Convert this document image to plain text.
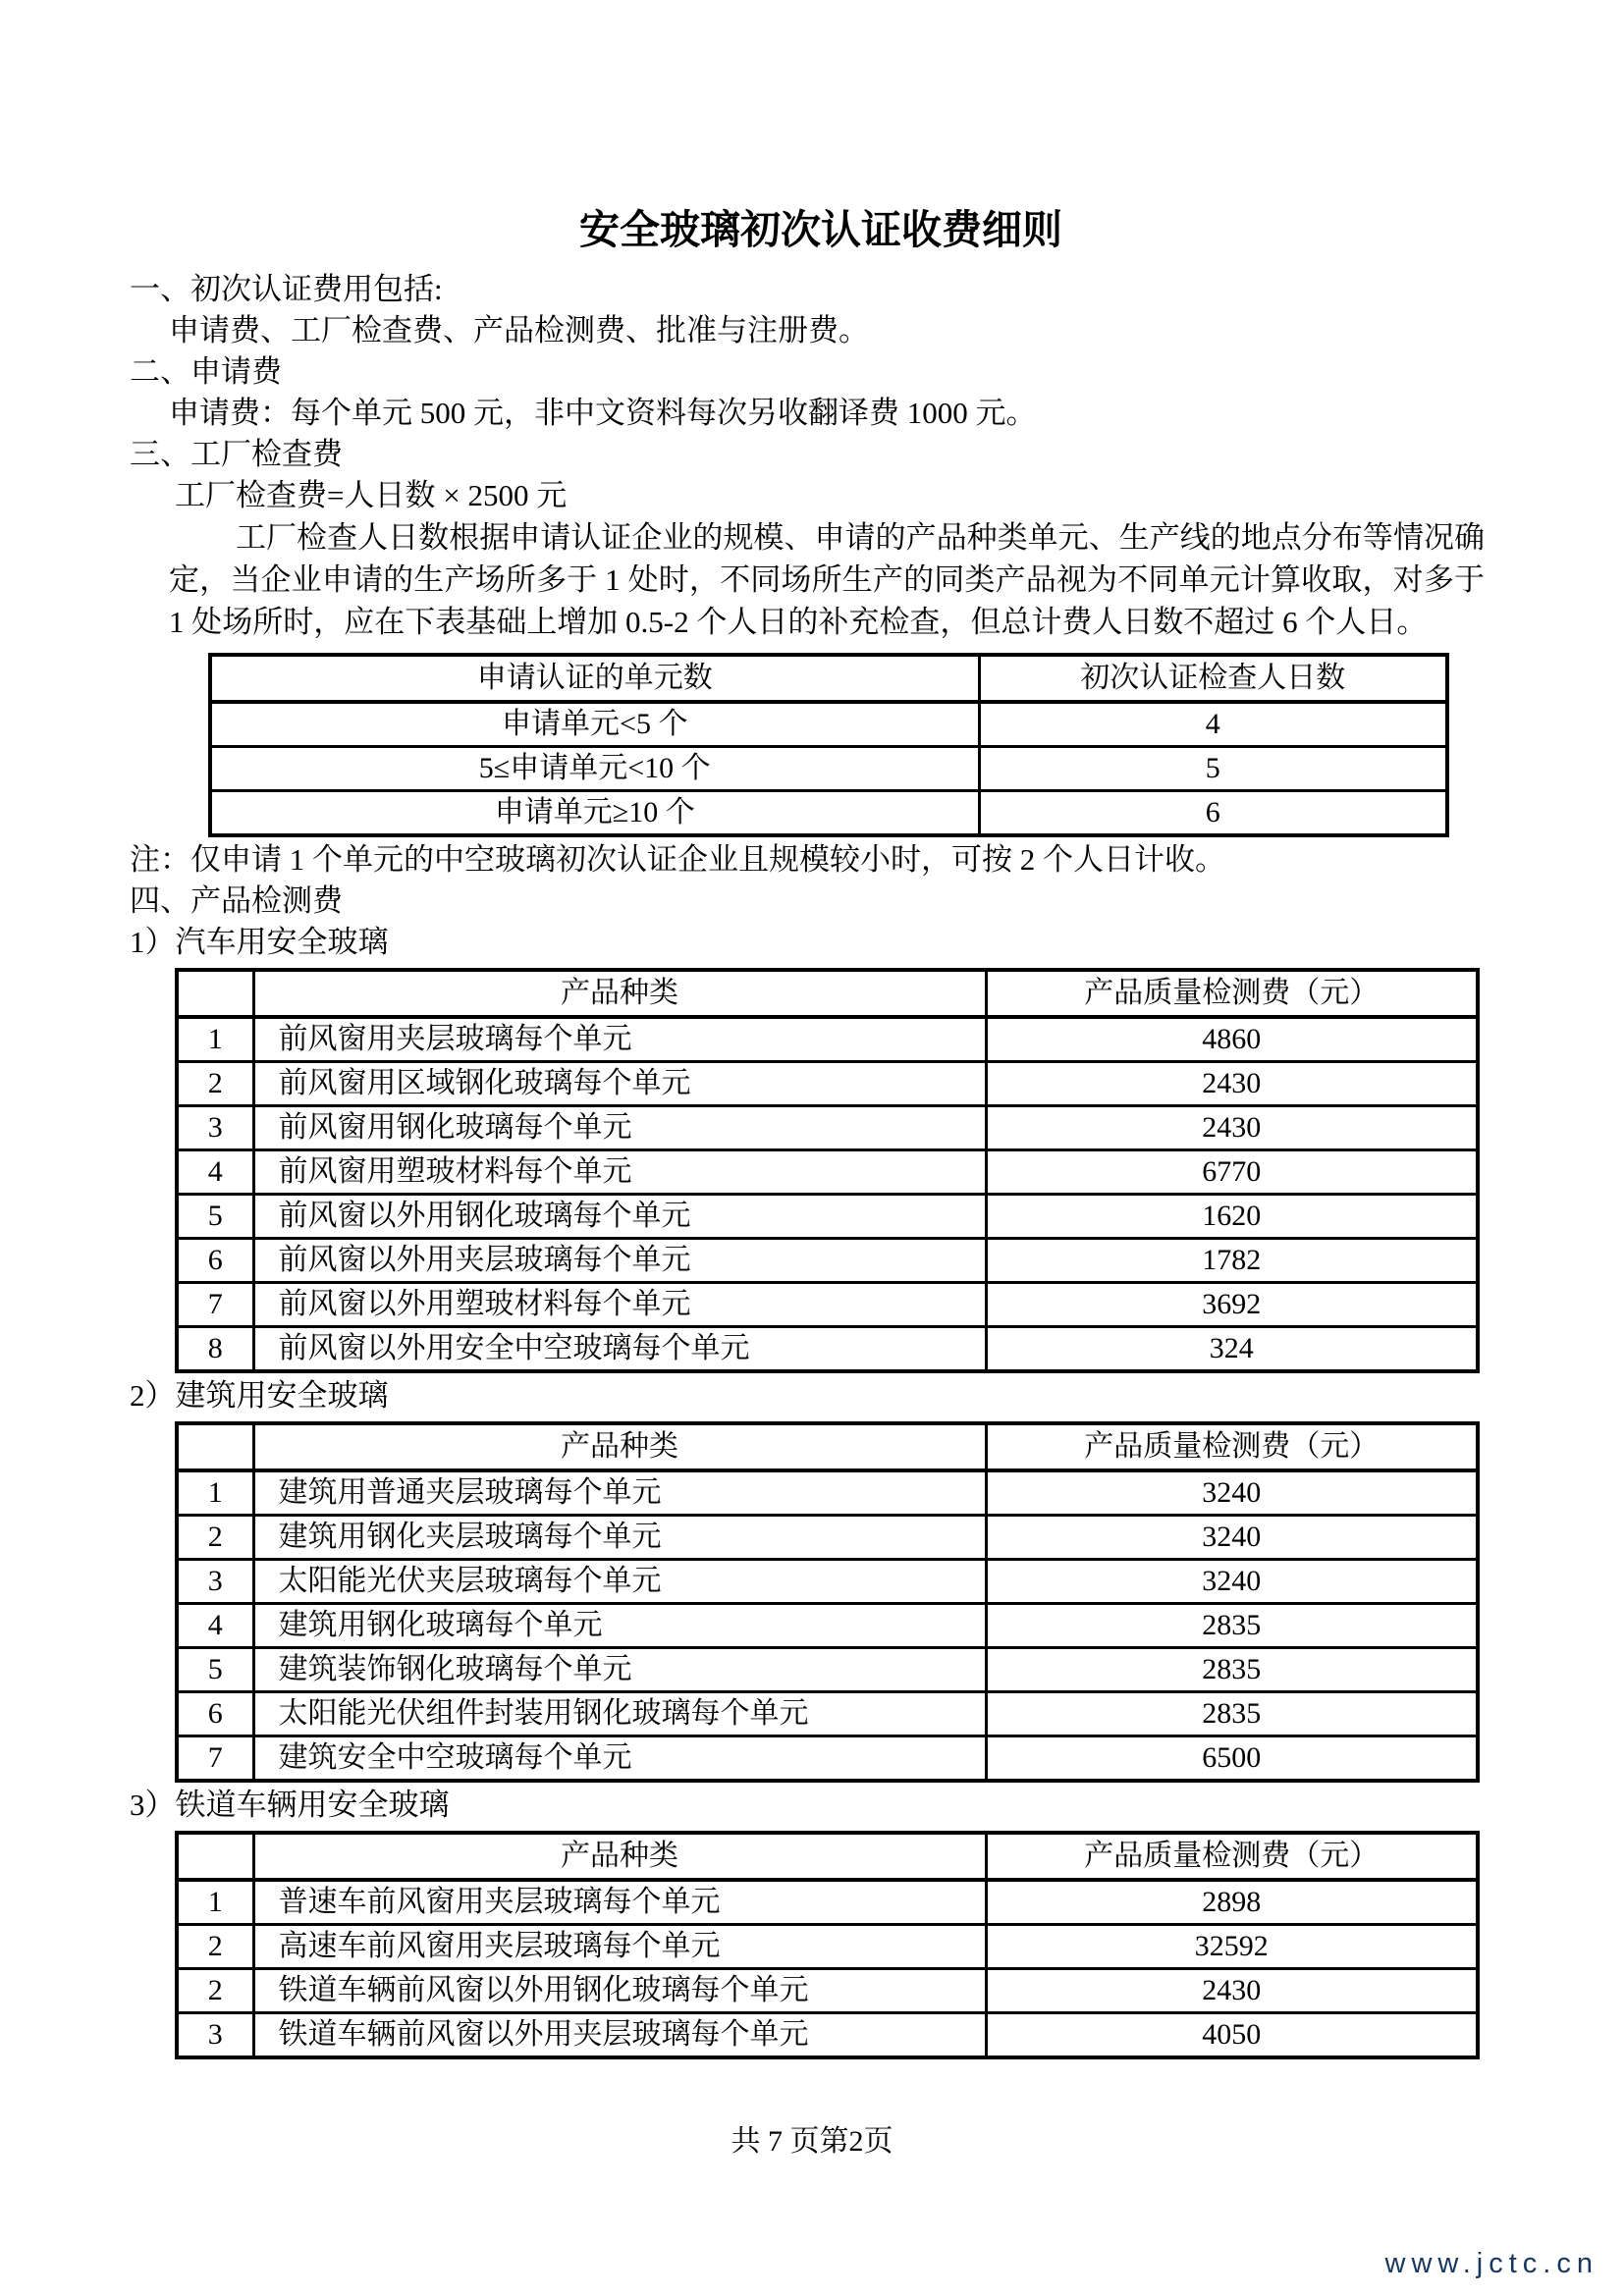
安全玻璃初次认证收费细则

一、初次认证费用包括:

申请费、工厂检查费、产品检测费、批准与注册费。

二、申请费

申请费：每个单元 500 元，非中文资料每次另收翻译费 1000 元。

三、工厂检查费

工厂检查费=人日数 × 2500 元

工厂检查人日数根据申请认证企业的规模、申请的产品种类单元、生产线的地点分布等情况确定，当企业申请的生产场所多于 1 处时，不同场所生产的同类产品视为不同单元计算收取，对多于 1 处场所时，应在下表基础上增加 0.5-2 个人日的补充检查，但总计费人日数不超过 6 个人日。
申请认证的单元数	初次认证检查人日数
申请单元<5 个	4
5≤申请单元<10 个	5
申请单元≥10 个	6

注：仅申请 1 个单元的中空玻璃初次认证企业且规模较小时，可按 2 个人日计收。

四、产品检测费

1）汽车用安全玻璃

	产品种类	产品质量检测费（元）
1	前风窗用夹层玻璃每个单元	4860
2	前风窗用区域钢化玻璃每个单元	2430
3	前风窗用钢化玻璃每个单元	2430
4	前风窗用塑玻材料每个单元	6770
5	前风窗以外用钢化玻璃每个单元	1620
6	前风窗以外用夹层玻璃每个单元	1782
7	前风窗以外用塑玻材料每个单元	3692
8	前风窗以外用安全中空玻璃每个单元	324

2）建筑用安全玻璃

	产品种类	产品质量检测费（元）
1	建筑用普通夹层玻璃每个单元	3240
2	建筑用钢化夹层玻璃每个单元	3240
3	太阳能光伏夹层玻璃每个单元	3240
4	建筑用钢化玻璃每个单元	2835
5	建筑装饰钢化玻璃每个单元	2835
6	太阳能光伏组件封装用钢化玻璃每个单元	2835
7	建筑安全中空玻璃每个单元	6500

3）铁道车辆用安全玻璃

	产品种类	产品质量检测费（元）
1	普速车前风窗用夹层玻璃每个单元	2898
2	高速车前风窗用夹层玻璃每个单元	32592
2	铁道车辆前风窗以外用钢化玻璃每个单元	2430
3	铁道车辆前风窗以外用夹层玻璃每个单元	4050
共 7 页第2页
www.jctc.cn
